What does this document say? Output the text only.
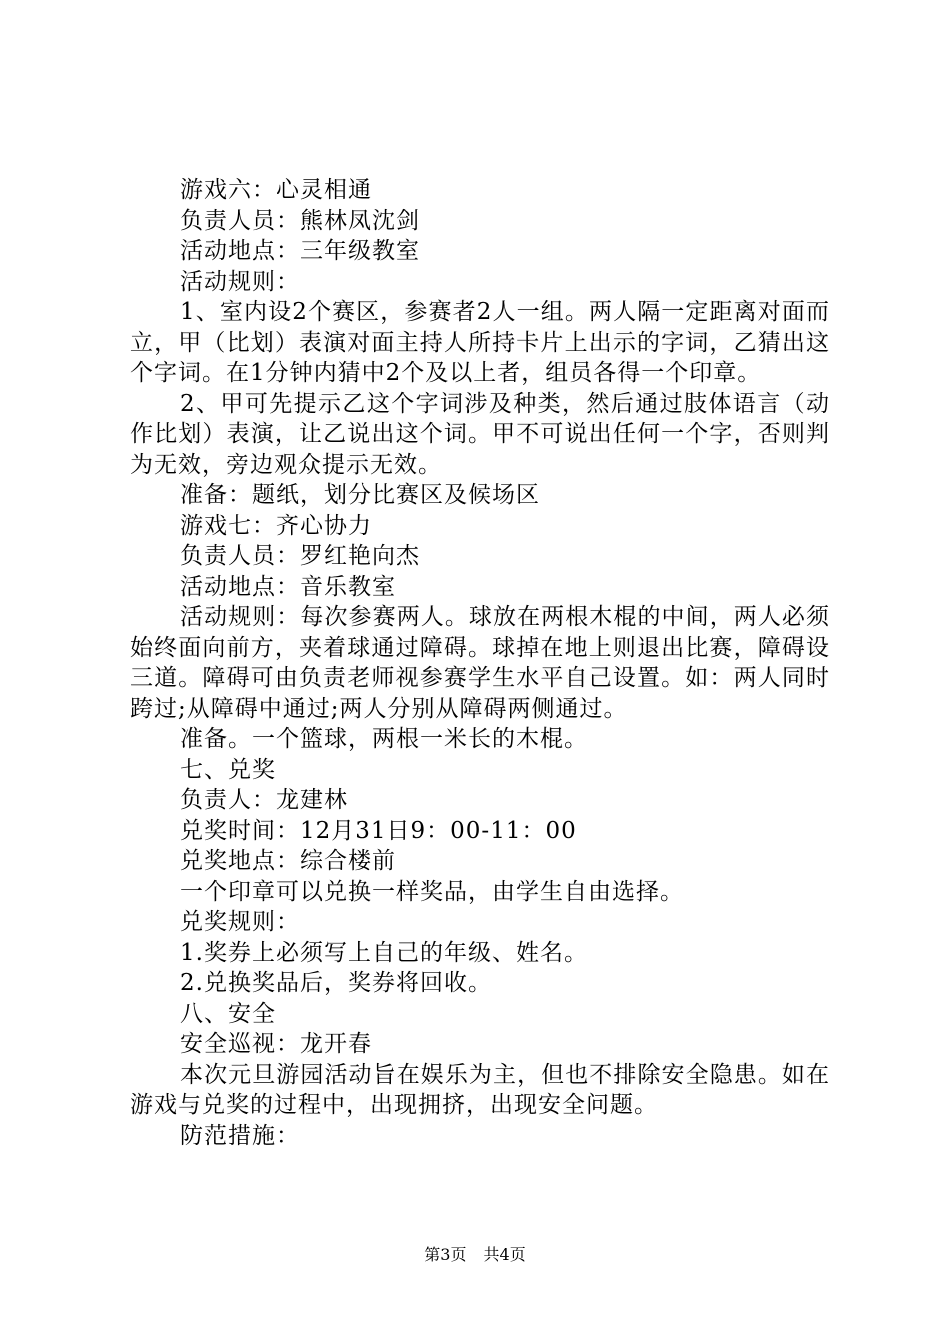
游戏六：心灵相通
负责人员：熊林凤沈剑
活动地点：三年级教室
活动规则：
1、室内设2个赛区，参赛者2人一组。两人隔一定距离对面而立，甲（比划）表演对面主持人所持卡片上出示的字词，乙猜出这个字词。在1分钟内猜中2个及以上者，组员各得一个印章。
2、甲可先提示乙这个字词涉及种类，然后通过肢体语言（动作比划）表演，让乙说出这个词。甲不可说出任何一个字，否则判为无效，旁边观众提示无效。
准备：题纸，划分比赛区及候场区
游戏七：齐心协力
负责人员：罗红艳向杰
活动地点：音乐教室
活动规则：每次参赛两人。球放在两根木棍的中间，两人必须始终面向前方，夹着球通过障碍。球掉在地上则退出比赛，障碍设三道。障碍可由负责老师视参赛学生水平自己设置。如：两人同时跨过;从障碍中通过;两人分别从障碍两侧通过。
准备。一个篮球，两根一米长的木棍。
七、兑奖
负责人：龙建林
兑奖时间：12月31日9：00-11：00
兑奖地点：综合楼前
一个印章可以兑换一样奖品，由学生自由选择。
兑奖规则：
1.奖券上必须写上自己的年级、姓名。
2.兑换奖品后，奖券将回收。
八、安全
安全巡视：龙开春
本次元旦游园活动旨在娱乐为主，但也不排除安全隐患。如在游戏与兑奖的过程中，出现拥挤，出现安全问题。
防范措施：
第3页 共4页
